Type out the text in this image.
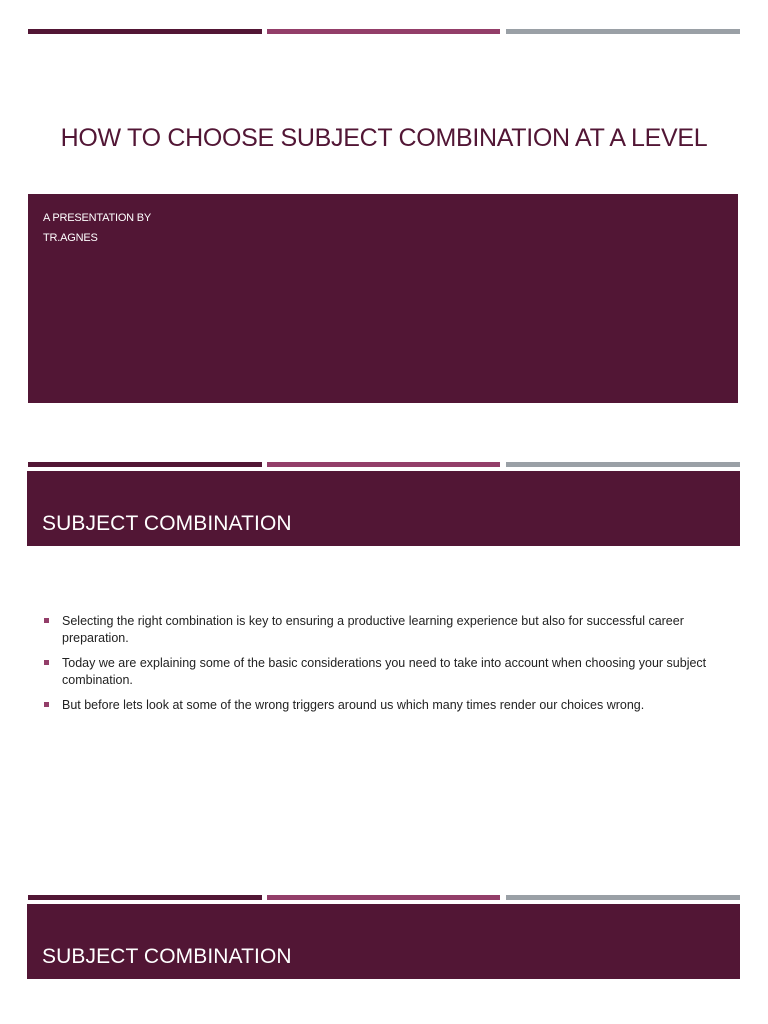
HOW TO CHOOSE SUBJECT COMBINATION AT A LEVEL
A PRESENTATION BY
TR.AGNES
SUBJECT COMBINATION
Selecting the right combination is key to ensuring a productive learning experience but also for successful career preparation.
Today we are explaining some of the basic considerations you need to take into account when choosing your subject combination.
But before lets look at some of the wrong triggers around us which many times render our choices wrong.
SUBJECT COMBINATION
